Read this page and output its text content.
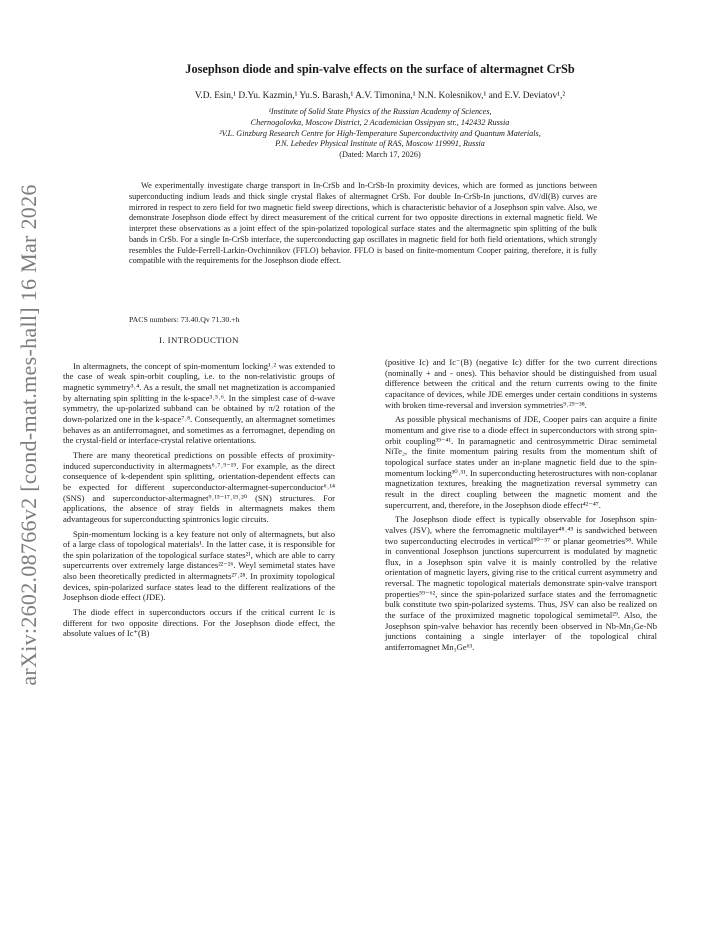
arXiv:2602.08766v2 [cond-mat.mes-hall] 16 Mar 2026
Josephson diode and spin-valve effects on the surface of altermagnet CrSb
V.D. Esin,¹ D.Yu. Kazmin,¹ Yu.S. Barash,¹ A.V. Timonina,¹ N.N. Kolesnikov,¹ and E.V. Deviatov¹,²
¹Institute of Solid State Physics of the Russian Academy of Sciences,
Chernogolovka, Moscow District, 2 Academician Ossipyan str., 142432 Russia
²V.L. Ginzburg Research Centre for High-Temperature Superconductivity and Quantum Materials,
P.N. Lebedev Physical Institute of RAS, Moscow 119991, Russia
(Dated: March 17, 2026)

We experimentally investigate charge transport in In-CrSb and In-CrSb-In proximity devices, which are formed as junctions between superconducting indium leads and thick single crystal flakes of altermagnet CrSb. For double In-CrSb-In junctions, dV/dI(B) curves are mirrored in respect to zero field for two magnetic field sweep directions, which is characteristic behavior of a Josephson spin valve. Also, we demonstrate Josephson diode effect by direct measurement of the critical current for two opposite directions in external magnetic field. We interpret these observations as a joint effect of the spin-polarized topological surface states and the altermagnetic spin splitting of the bulk bands in CrSb. For a single In-CrSb interface, the superconducting gap oscillates in magnetic field for both field orientations, which strongly resembles the Fulde-Ferrell-Larkin-Ovchinnikov (FFLO) behavior. FFLO is based on finite-momentum Cooper pairing, therefore, it is fully compatible with the requirements for the Josephson diode effect.

PACS numbers: 73.40.Qv 71.30.+h
I. INTRODUCTION

In altermagnets, the concept of spin-momentum locking¹˒² was extended to the case of weak spin-orbit coupling, i.e. to the non-relativistic groups of magnetic symmetry³˒⁴. As a result, the small net magnetization is accompanied by alternating spin splitting in the k-space³˒⁵˒⁶. In the simplest case of d-wave symmetry, the up-polarized subband can be obtained by π/2 rotation of the down-polarized one in the k-space⁷˒⁸. Consequently, an altermagnet sometimes behaves as an antiferromagnet, and sometimes as a ferromagnet, depending on the crystal-field or interface-crystal relative orientations.

There are many theoretical predictions on possible effects of proximity-induced superconductivity in altermagnets⁶˒⁷˒⁹⁻¹⁹. For example, as the direct consequence of k-dependent spin splitting, orientation-dependent effects can be expected for different superconductor-altermagnet-superconductor⁶˒¹⁴ (SNS) and superconductor-altermagnet⁹˒¹⁵⁻¹⁷˒¹⁹˒²⁰ (SN) structures. For applications, the absence of stray fields in altermagnets makes them advantageous for superconducting spintronics logic circuits.

Spin-momentum locking is a key feature not only of altermagnets, but also of a large class of topological materials¹. In the latter case, it is responsible for the spin polarization of the topological surface states²¹, which are able to carry supercurrents over extremely large distances²²⁻²⁶. Weyl semimetal states have also been theoretically predicted in altermagnets²⁷˒²⁸. In proximity topological devices, spin-polarized surface states lead to the different realizations of the Josephson diode effect (JDE).

The diode effect in superconductors occurs if the critical current Ic is different for two opposite directions. For the Josephson diode effect, the absolute values of Ic⁺(B)

(positive Ic) and Ic⁻(B) (negative Ic) differ for the two current directions (nominally + and - ones). This behavior should be distinguished from usual difference between the critical and the return currents owing to the finite capacitance of devices, while JDE emerges under certain conditions in systems with broken time-reversal and inversion symmetries⁹˒²⁹⁻³⁸.

As possible physical mechanisms of JDE, Cooper pairs can acquire a finite momentum and give rise to a diode effect in superconductors with strong spin-orbit coupling³⁹⁻⁴¹. In paramagnetic and centrosymmetric Dirac semimetal NiTe₂, the finite momentum pairing results from the momentum shift of topological surface states under an in-plane magnetic field due to the spin-momentum locking³⁰˒³¹. In superconducting heterostructures with non-coplanar magnetization textures, breaking the magnetization reversal symmetry can result in the direct coupling between the magnetic moment and the supercurrent, and, therefore, in the Josephson diode effect⁴²⁻⁴⁷.

The Josephson diode effect is typically observable for Josephson spin-valves (JSV), where the ferromagnetic multilayer⁴⁸˒⁴⁹ is sandwiched between two superconducting electrodes in vertical⁵⁰⁻⁵⁷ or planar geometries⁵⁸. While in conventional Josephson junctions supercurrent is modulated by magnetic flux, in a Josephson spin valve it is mainly controlled by the relative orientation of magnetic layers, giving rise to the critical current asymmetry and reversal. The magnetic topological materials demonstrate spin-valve transport properties⁵⁹⁻⁶², since the spin-polarized surface states and the ferromagnetic bulk constitute two spin-polarized systems. Thus, JSV can also be realized on the surface of the proximized magnetic topological semimetal²⁹. Also, the Josephson spin-valve behavior has recently been observed in Nb-Mn₃Ge-Nb junctions containing a single interlayer of the topological chiral antiferromagnet Mn₃Ge⁶³.
